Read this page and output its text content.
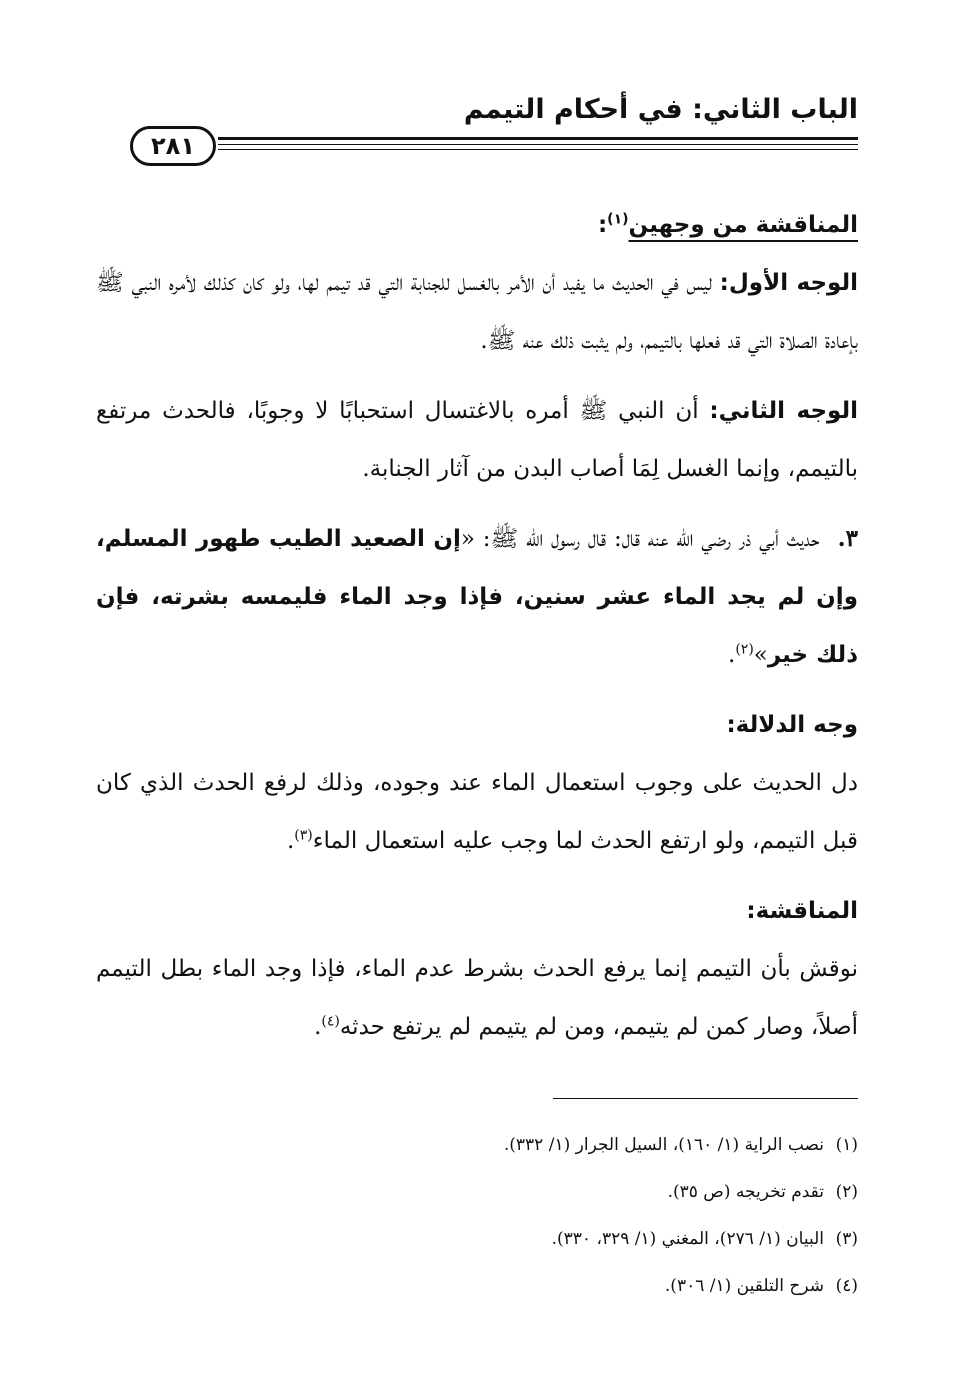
الباب الثاني: في أحكام التيمم
٢٨١

المناقشة من وجهين$^{(١)}$:

الوجه الأول: ليس في الحديث ما يفيد أن الأمر بالغسل للجنابة التي قد تيمم لها، ولو كان كذلك لأمره النبي ﷺ بإعادة الصلاة التي قد فعلها بالتيمم، ولم يثبت ذلك عنه ﷺ.

الوجه الثاني: أن النبي ﷺ أمره بالاغتسال استحبابًا لا وجوبًا، فالحدث مرتفع بالتيمم، وإنما الغسل لِمَا أصاب البدن من آثار الجنابة.

٣.حديث أبي ذر رضي الله عنه قال: قال رسول الله ﷺ: «إن الصعيد الطيب طهور المسلم، وإن لم يجد الماء عشر سنين، فإذا وجد الماء فليمسه بشرته، فإن ذلك خير»$^{(٢)}$.

وجه الدلالة:

دل الحديث على وجوب استعمال الماء عند وجوده، وذلك لرفع الحدث الذي كان قبل التيمم، ولو ارتفع الحدث لما وجب عليه استعمال الماء$^{(٣)}$.

المناقشة:

نوقش بأن التيمم إنما يرفع الحدث بشرط عدم الماء، فإذا وجد الماء بطل التيمم أصلاً، وصار كمن لم يتيمم، ومن لم يتيمم لم يرتفع حدثه$^{(٤)}$.

(١)نصب الراية (١/ ١٦٠)، السيل الجرار (١/ ٣٣٢).
(٢)تقدم تخريجه (ص ٣٥).
(٣)البيان (١/ ٢٧٦)، المغني (١/ ٣٢٩، ٣٣٠).
(٤)شرح التلقين (١/ ٣٠٦).
